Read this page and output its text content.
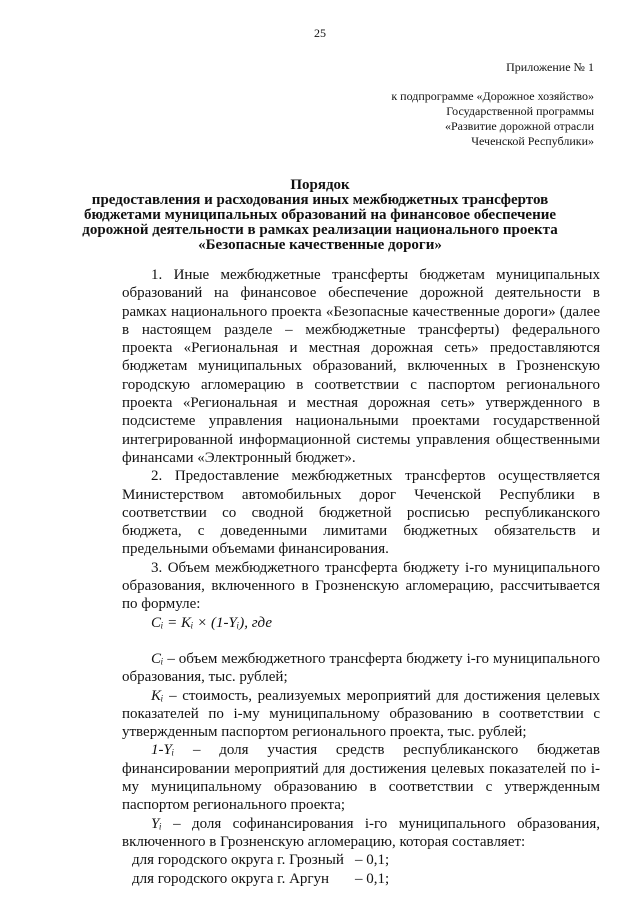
25
Приложение № 1
к подпрограмме «Дорожное хозяйство»
Государственной программы
«Развитие дорожной отрасли
Чеченской Республики»
Порядок
предоставления и расходования иных межбюджетных трансфертов
бюджетами муниципальных образований на финансовое обеспечение
дорожной деятельности в рамках реализации национального проекта
«Безопасные качественные дороги»

1. Иные межбюджетные трансферты бюджетам муниципальных образований на финансовое обеспечение дорожной деятельности в рамках национального проекта «Безопасные качественные дороги» (далее в настоящем разделе – межбюджетные трансферты) федерального проекта «Региональная и местная дорожная сеть» предоставляются бюджетам муниципальных образований, включенных в Грозненскую городскую агломерацию в соответствии с паспортом регионального проекта «Региональная и местная дорожная сеть» утвержденного в подсистеме управления национальными проектами государственной интегрированной информационной системы управления общественными финансами «Электронный бюджет».

2. Предоставление межбюджетных трансфертов осуществляется Министерством автомобильных дорог Чеченской Республики в соответствии со сводной бюджетной росписью республиканского бюджета, с доведенными лимитами бюджетных обязательств и предельными объемами финансирования.

3. Объем межбюджетного трансферта бюджету i-го муниципального образования, включенного в Грозненскую агломерацию, рассчитывается по формуле:

Cᵢ = Kᵢ × (1-Yᵢ), где

Cᵢ – объем межбюджетного трансферта бюджету i-го муниципального образования, тыс. рублей;

Kᵢ – стоимость, реализуемых мероприятий для достижения целевых показателей по i-му муниципальному образованию в соответствии с утвержденным паспортом регионального проекта, тыс. рублей;

1-Yᵢ – доля участия средств республиканского бюджетав финансировании мероприятий для достижения целевых показателей по i-му муниципальному образованию в соответствии с утвержденным паспортом регионального проекта;

Yᵢ – доля софинансирования i-го муниципального образования, включенного в Грозненскую агломерацию, которая составляет:

для городского округа г. Грозный – 0,1;
для городского округа г. Аргун	– 0,1;
